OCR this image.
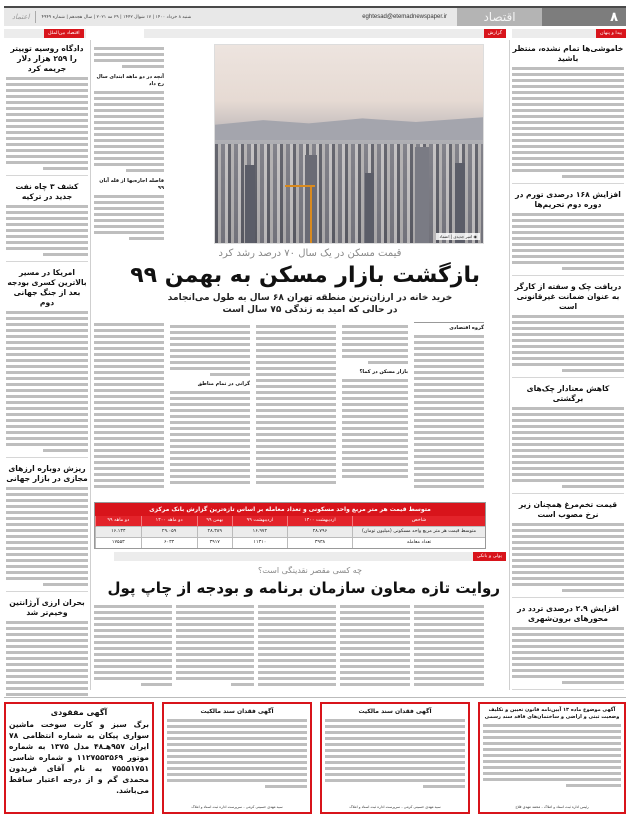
۸
اقتصاد
eghtesad@etemadnewspaper.ir
شنبه ۸ خرداد ۱۴۰۰ | ۱۷ شوال ۱۴۴۲ | ۲۹ مه ۲۰۲۱ | سال هجدهم | شماره ۴۹۴۹
اعتماد
پیدا و پنهان
گزارش
اقتصاد بین‌الملل
خاموشی‌ها تمام نشده، منتظر باشید
افزایش ۱۶۸ درصدی تورم در دوره دوم تحریم‌ها
دریافت چک و سفته از کارگر به عنوان ضمانت غیرقانونی است
کاهش معنادار چک‌های برگشتی
قیمت تخم‌مرغ همچنان زیر نرخ مصوب است
افزایش ۲.۹ درصدی تردد در محورهای برون‌شهری
دادگاه روسیه توییتر را ۲۵۹ هزار دلار جریمه کرد
کشف ۳ چاه نفت جدید در ترکیه
امریکا در مسیر بالاترین کسری بودجه بعد از جنگ جهانی دوم
ریزش دوباره ارزهای مجازی در بازار جهانی
بحران ارزی آرژانتین وخیم‌تر شد
آنچه در دو ماهه ابتدای سال رخ داد
فاصله اجاره‌بها از قله آبان ۹۹
◉ امیر جدیدی | اعتماد
قیمت مسکن در یک سال ۷۰ درصد رشد کرد
بازگشت بازار مسکن به بهمن ۹۹
خرید خانه در ارزان‌ترین منطقه تهران ۶۸ سال به طول می‌انجامد
در حالی که امید به زندگی ۷۵ سال است
گرانی در تمام مناطق
بازار مسکن در کما؟
گروه اقتصادی
متوسط قیمت هر متر مربع واحد مسکونی و تعداد معامله بر اساس تازه‌ترین گزارش بانک مرکزی
شاخص	اردیبهشت ۱۴۰۰	اردیبهشت ۹۹	بهمن ۹۹	دو ماهه ۱۴۰۰	دو ماهه ۹۹
متوسط قیمت هر متر مربع واحد مسکونی (میلیون تومان)	۲۸.۷۹۶	۱۶.۹۷۲	۲۸.۳۸۹	۲۹.۰۵۹	۱۶.۱۳۴
تعداد معامله	۳۹۳۸	۱۱۳۱۰	۳۹۱۷	۶۰۳۴	۱۷۵۵۳
پولی و بانکی
چه کسی مقصر نقدینگی است؟
روایت تازه معاون سازمان برنامه و بودجه از چاپ پول
آگهی مفقودی
برگ سبز و کارت سوخت ماشین سواری پیکان به شماره انتظامی ۷۸ ایران ۹۵۷هـ۴۸ مدل ۱۳۷۵ به شماره موتور ۱۱۲۷۵۵۳۵۶۹ و شماره شاسی ۷۵۵۵۱۷۵۱ به نام آقای فریدون محمدی گم و از درجه اعتبار ساقط می‌باشد.
آگهی فقدان سند مالکیت
سید مهدی حسینی کرمی - سرپرست اداره ثبت اسناد و املاک
آگهی فقدان سند مالکیت
سید مهدی حسینی کرمی - سرپرست اداره ثبت اسناد و املاک
آگهی موضوع ماده ۱۳ آیین‌نامه قانون تعیین و تکلیف وضعیت ثبتی و اراضی و ساختمان‌های فاقد سند رسمی
رئیس اداره ثبت اسناد و املاک - محمد مهدی فلاح
